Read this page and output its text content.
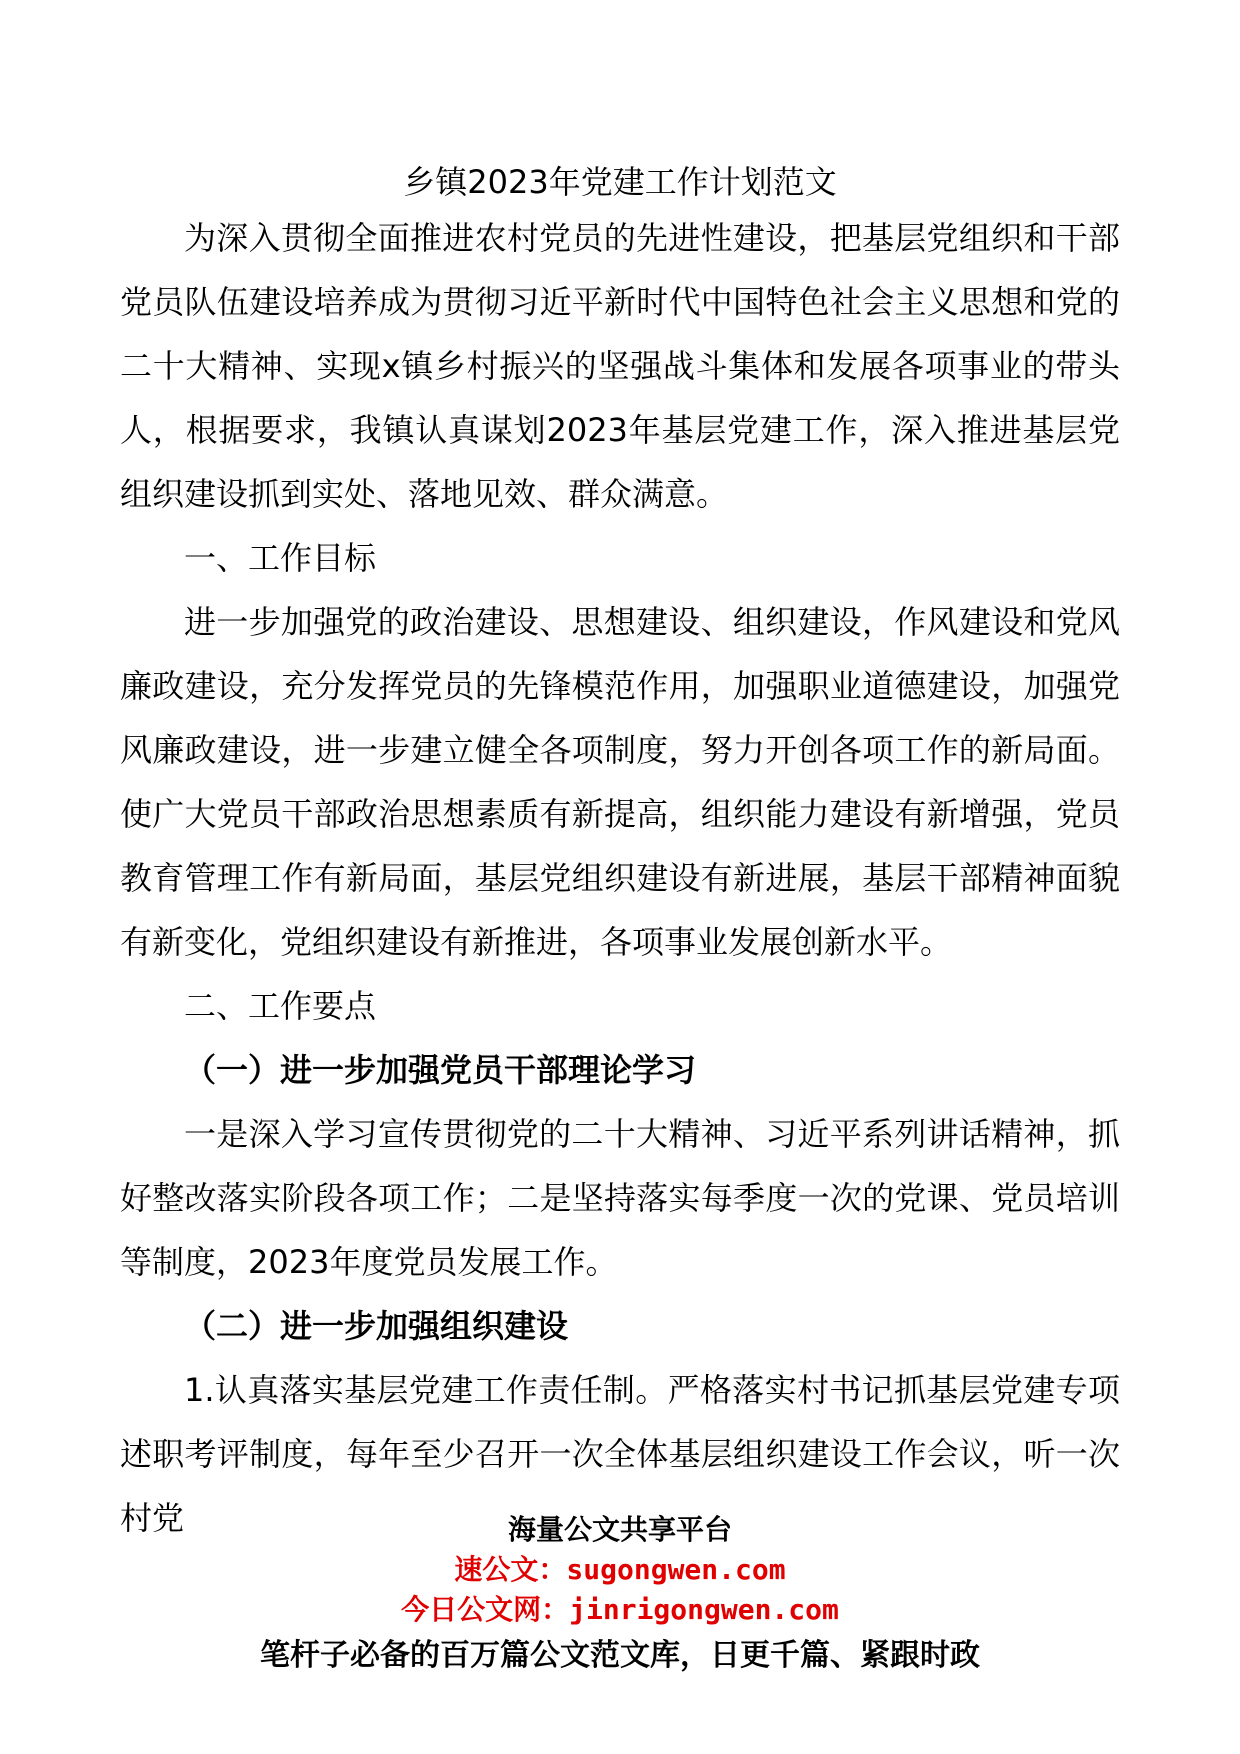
乡镇2023年党建工作计划范文

为深入贯彻全面推进农村党员的先进性建设，把基层党组织和干部党员队伍建设培养成为贯彻习近平新时代中国特色社会主义思想和党的二十大精神、实现x镇乡村振兴的坚强战斗集体和发展各项事业的带头人，根据要求，我镇认真谋划2023年基层党建工作，深入推进基层党组织建设抓到实处、落地见效、群众满意。

一、工作目标

进一步加强党的政治建设、思想建设、组织建设，作风建设和党风廉政建设，充分发挥党员的先锋模范作用，加强职业道德建设，加强党风廉政建设，进一步建立健全各项制度，努力开创各项工作的新局面。使广大党员干部政治思想素质有新提高，组织能力建设有新增强，党员教育管理工作有新局面，基层党组织建设有新进展，基层干部精神面貌有新变化，党组织建设有新推进，各项事业发展创新水平。

二、工作要点

（一）进一步加强党员干部理论学习

一是深入学习宣传贯彻党的二十大精神、习近平系列讲话精神，抓好整改落实阶段各项工作；二是坚持落实每季度一次的党课、党员培训等制度，2023年度党员发展工作。

（二）进一步加强组织建设

1.认真落实基层党建工作责任制。严格落实村书记抓基层党建专项述职考评制度，每年至少召开一次全体基层组织建设工作会议，听一次村党	海量公文共享平台
速公文：sugongwen.com
今日公文网：jinrigongwen.com
笔杆子必备的百万篇公文范文库，日更千篇、紧跟时政
